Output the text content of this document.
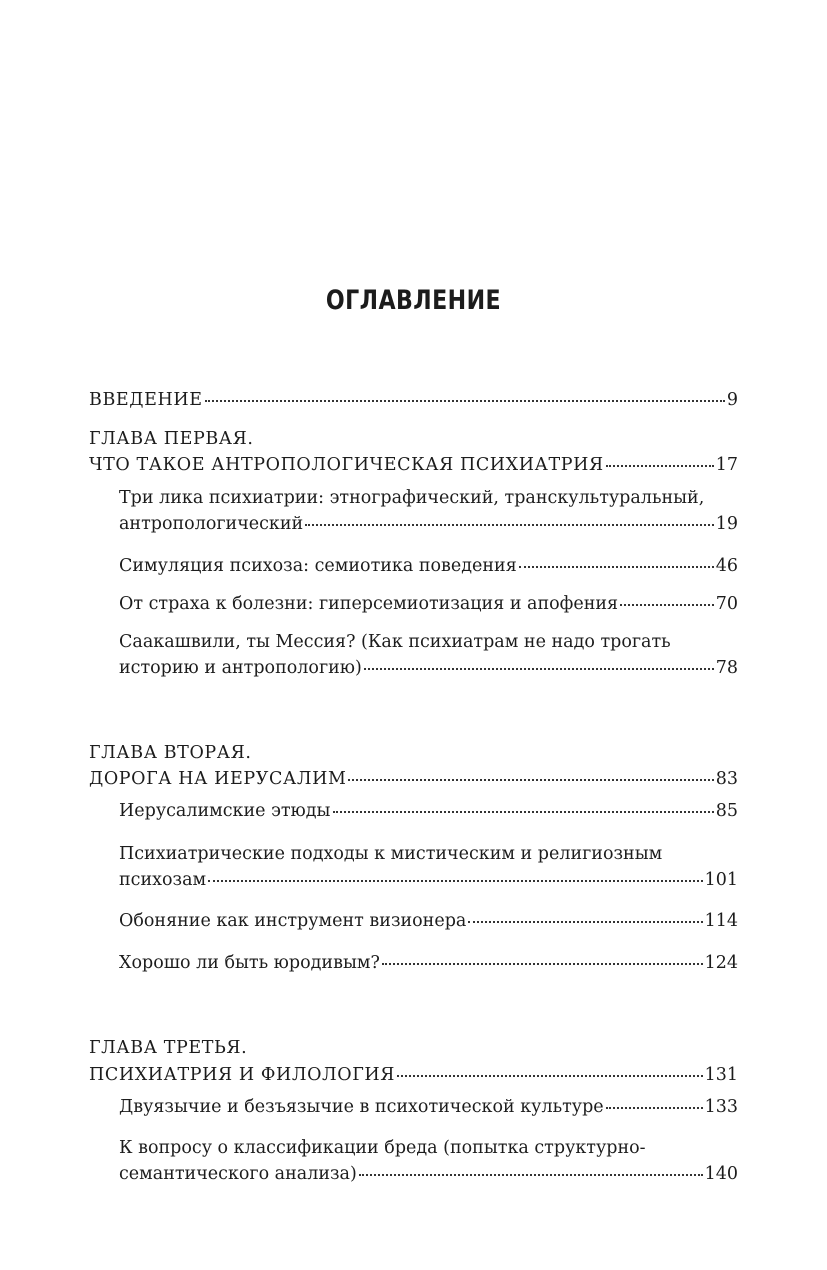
ОГЛАВЛЕНИЕ
ВВЕДЕНИЕ	9
ГЛАВА ПЕРВАЯ.
ЧТО ТАКОЕ АНТРОПОЛОГИЧЕСКАЯ ПСИХИАТРИЯ	17
Три лика психиатрии: этнографический, транскультуральный,
антропологический	19
Симуляция психоза: семиотика поведения	46
От страха к болезни: гиперсемиотизация и апофения	70
Саакашвили, ты Мессия? (Как психиатрам не надо трогать
историю и антропологию)	78
ГЛАВА ВТОРАЯ.
ДОРОГА НА ИЕРУСАЛИМ	83
Иерусалимские этюды	85
Психиатрические подходы к мистическим и религиозным
психозам	101
Обоняние как инструмент визионера	114
Хорошо ли быть юродивым?	124
ГЛАВА ТРЕТЬЯ.
ПСИХИАТРИЯ И ФИЛОЛОГИЯ	131
Двуязычие и безъязычие в психотической культуре	133
К вопросу о классификации бреда (попытка структурно-
семантического анализа)	140
